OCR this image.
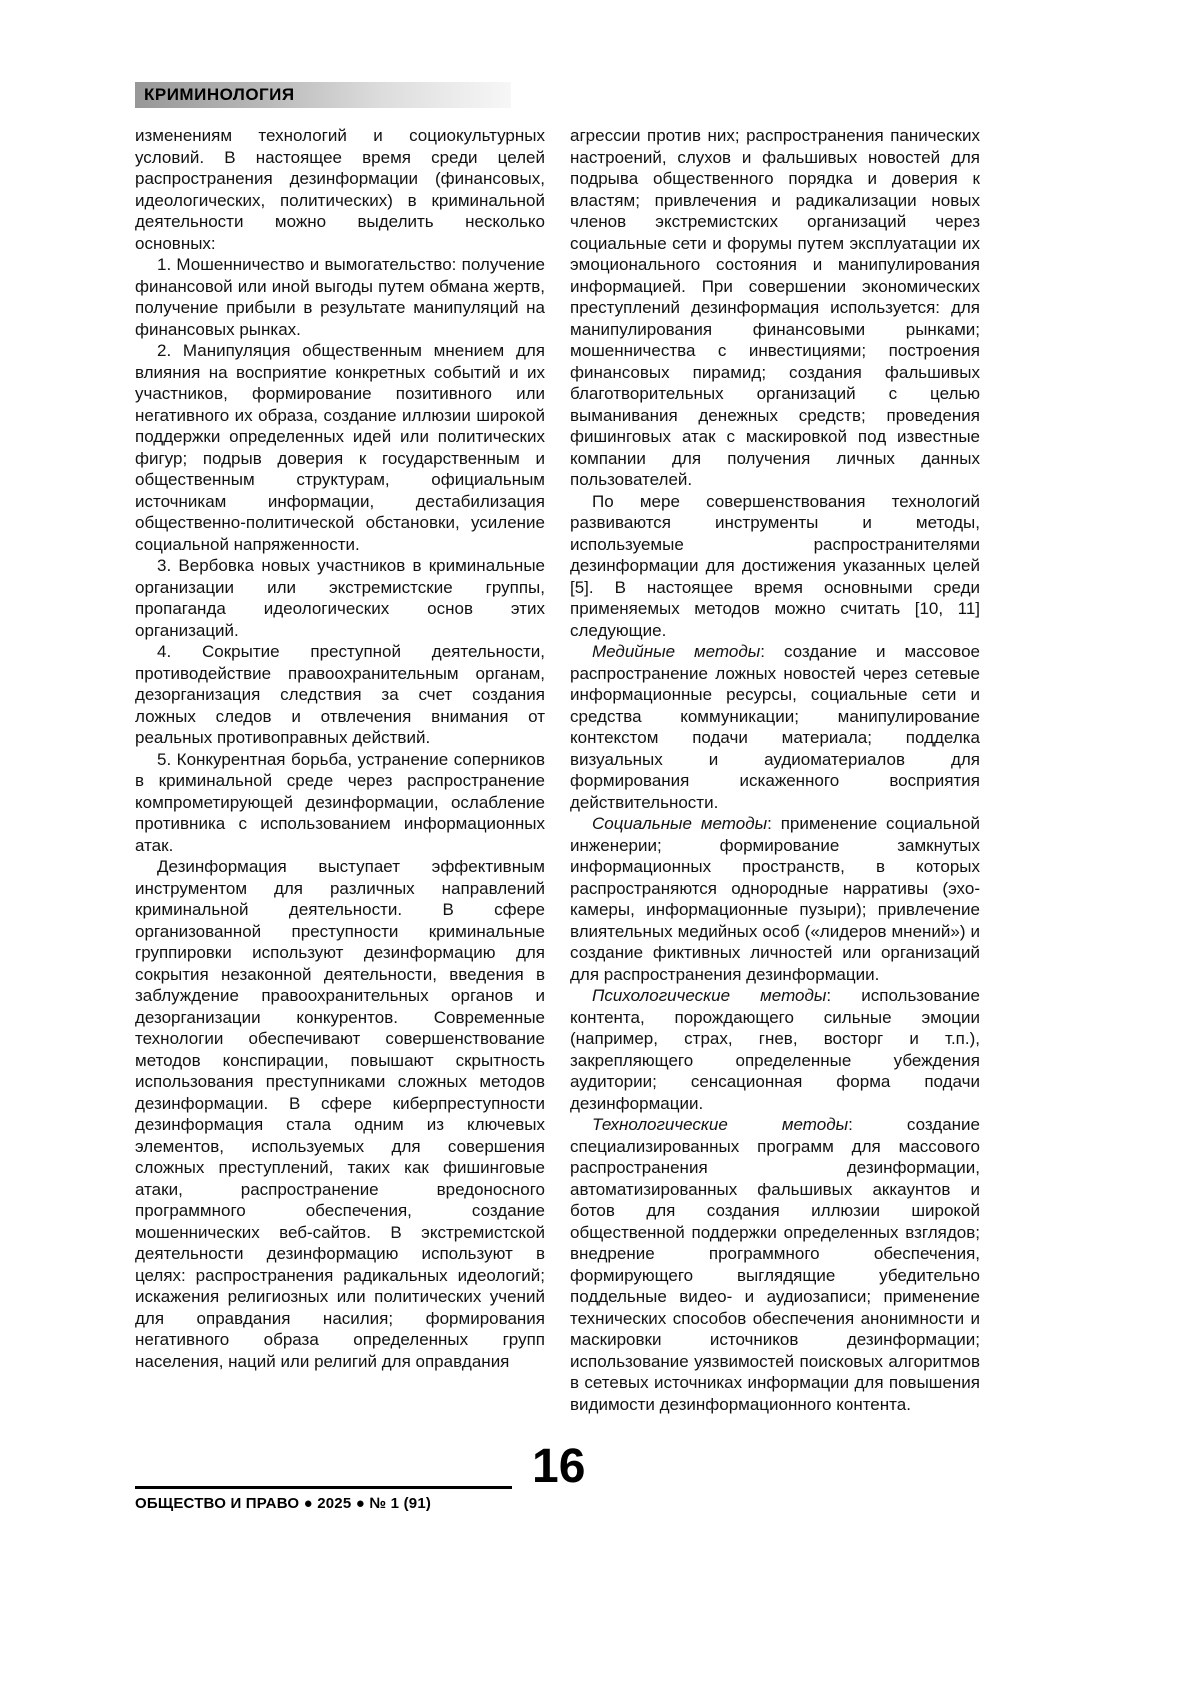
КРИМИНОЛОГИЯ

изменениям технологий и социокультурных условий. В настоящее время среди целей распространения дезинформации (финансовых, идеологических, политических) в криминальной деятельности можно выделить несколько основных:

1. Мошенничество и вымогательство: получение финансовой или иной выгоды путем обмана жертв, получение прибыли в результате манипуляций на финансовых рынках.

2. Манипуляция общественным мнением для влияния на восприятие конкретных событий и их участников, формирование позитивного или негативного их образа, создание иллюзии широкой поддержки определенных идей или политических фигур; подрыв доверия к государственным и общественным структурам, официальным источникам информации, дестабилизация общественно-политической обстановки, усиление социальной напряженности.

3. Вербовка новых участников в криминальные организации или экстремистские группы, пропаганда идеологических основ этих организаций.

4. Сокрытие преступной деятельности, противодействие правоохранительным органам, дезорганизация следствия за счет создания ложных следов и отвлечения внимания от реальных противоправных действий.

5. Конкурентная борьба, устранение соперников в криминальной среде через распространение компрометирующей дезинформации, ослабление противника с использованием информационных атак.

Дезинформация выступает эффективным инструментом для различных направлений криминальной деятельности. В сфере организованной преступности криминальные группировки используют дезинформацию для сокрытия незаконной деятельности, введения в заблуждение правоохранительных органов и дезорганизации конкурентов. Современные технологии обеспечивают совершенствование методов конспирации, повышают скрытность использования преступниками сложных методов дезинформации. В сфере киберпреступности дезинформация стала одним из ключевых элементов, используемых для совершения сложных преступлений, таких как фишинговые атаки, распространение вредоносного программного обеспечения, создание мошеннических веб-сайтов. В экстремистской деятельности дезинформацию используют в целях: распространения радикальных идеологий; искажения религиозных или политических учений для оправдания насилия; формирования негативного образа определенных групп населения, наций или религий для оправдания

агрессии против них; распространения панических настроений, слухов и фальшивых новостей для подрыва общественного порядка и доверия к властям; привлечения и радикализации новых членов экстремистских организаций через социальные сети и форумы путем эксплуатации их эмоционального состояния и манипулирования информацией. При совершении экономических преступлений дезинформация используется: для манипулирования финансовыми рынками; мошенничества с инвестициями; построения финансовых пирамид; создания фальшивых благотворительных организаций с целью выманивания денежных средств; проведения фишинговых атак с маскировкой под известные компании для получения личных данных пользователей.

По мере совершенствования технологий развиваются инструменты и методы, используемые распространителями дезинформации для достижения указанных целей [5]. В настоящее время основными среди применяемых методов можно считать [10, 11] следующие.

Медийные методы: создание и массовое распространение ложных новостей через сетевые информационные ресурсы, социальные сети и средства коммуникации; манипулирование контекстом подачи материала; подделка визуальных и аудиоматериалов для формирования искаженного восприятия действительности.

Социальные методы: применение социальной инженерии; формирование замкнутых информационных пространств, в которых распространяются однородные нарративы (эхо-камеры, информационные пузыри); привлечение влиятельных медийных особ («лидеров мнений») и создание фиктивных личностей или организаций для распространения дезинформации.

Психологические методы: использование контента, порождающего сильные эмоции (например, страх, гнев, восторг и т.п.), закрепляющего определенные убеждения аудитории; сенсационная форма подачи дезинформации.

Технологические методы: создание специализированных программ для массового распространения дезинформации, автоматизированных фальшивых аккаунтов и ботов для создания иллюзии широкой общественной поддержки определенных взглядов; внедрение программного обеспечения, формирующего выглядящие убедительно поддельные видео- и аудиозаписи; применение технических способов обеспечения анонимности и маскировки источников дезинформации; использование уязвимостей поисковых алгоритмов в сетевых источниках информации для повышения видимости дезинформационного контента.

16
ОБЩЕСТВО И ПРАВО ● 2025 ● № 1 (91)
